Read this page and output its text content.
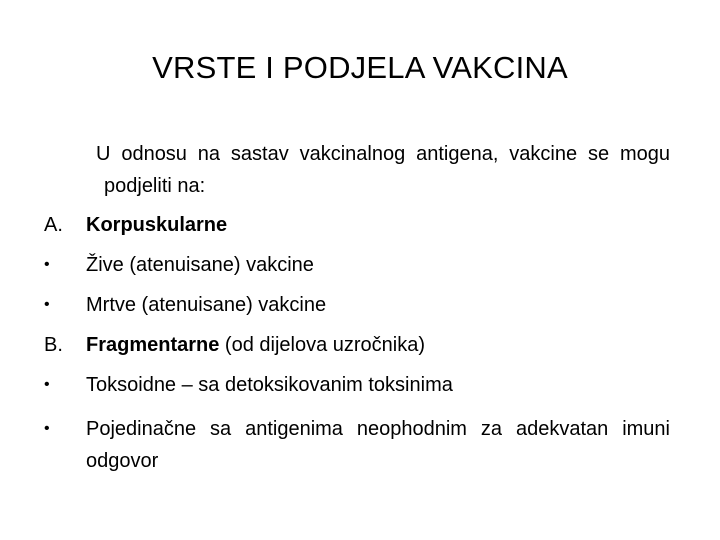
VRSTE I PODJELA VAKCINA
U odnosu na sastav vakcinalnog antigena, vakcine se mogu podjeliti na:
A.	Korpuskularne
•	Žive (atenuisane) vakcine
•	Mrtve (atenuisane) vakcine
B.	Fragmentarne (od dijelova uzročnika)
•	Toksoidne – sa detoksikovanim toksinima
•	Pojedinačne sa antigenima neophodnim za adekvatan imuni odgovor
